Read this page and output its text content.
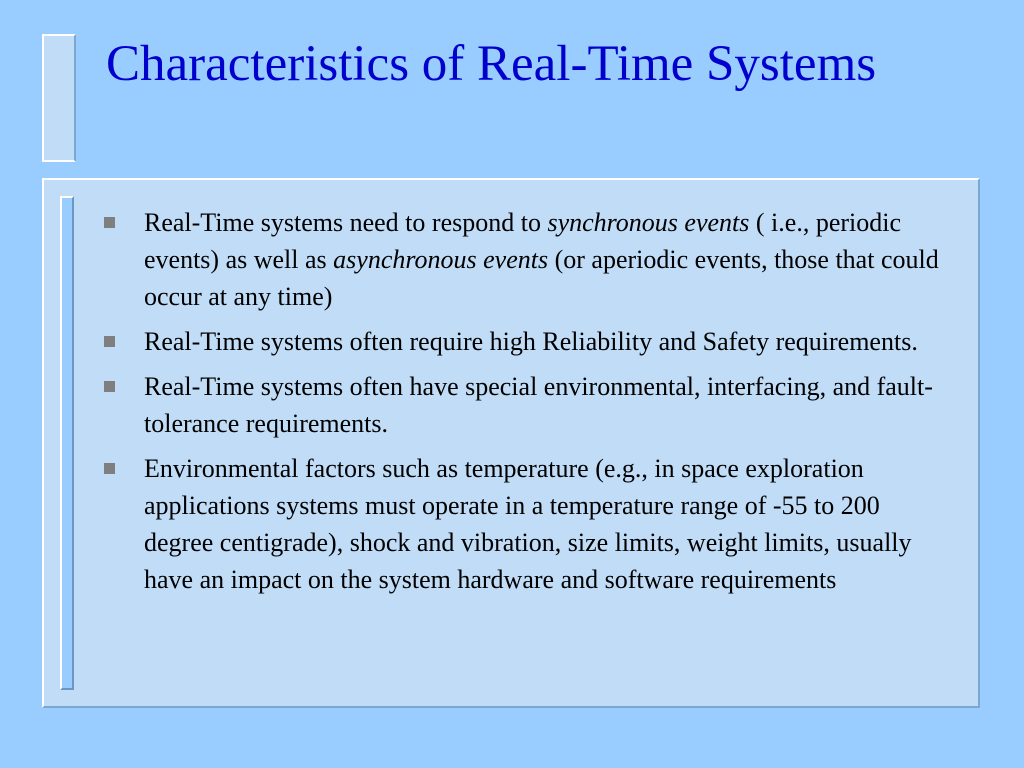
Characteristics of Real-Time Systems
Real-Time systems need to respond to synchronous events ( i.e., periodic events) as well as asynchronous events (or aperiodic events, those that could occur at any time)
Real-Time systems often require high Reliability and Safety requirements.
Real-Time systems often have special environmental, interfacing, and fault-tolerance requirements.
Environmental factors such as temperature (e.g., in space exploration applications systems must operate in a temperature range of -55 to 200 degree centigrade), shock and vibration, size limits, weight limits, usually have an impact on the system hardware and software requirements
